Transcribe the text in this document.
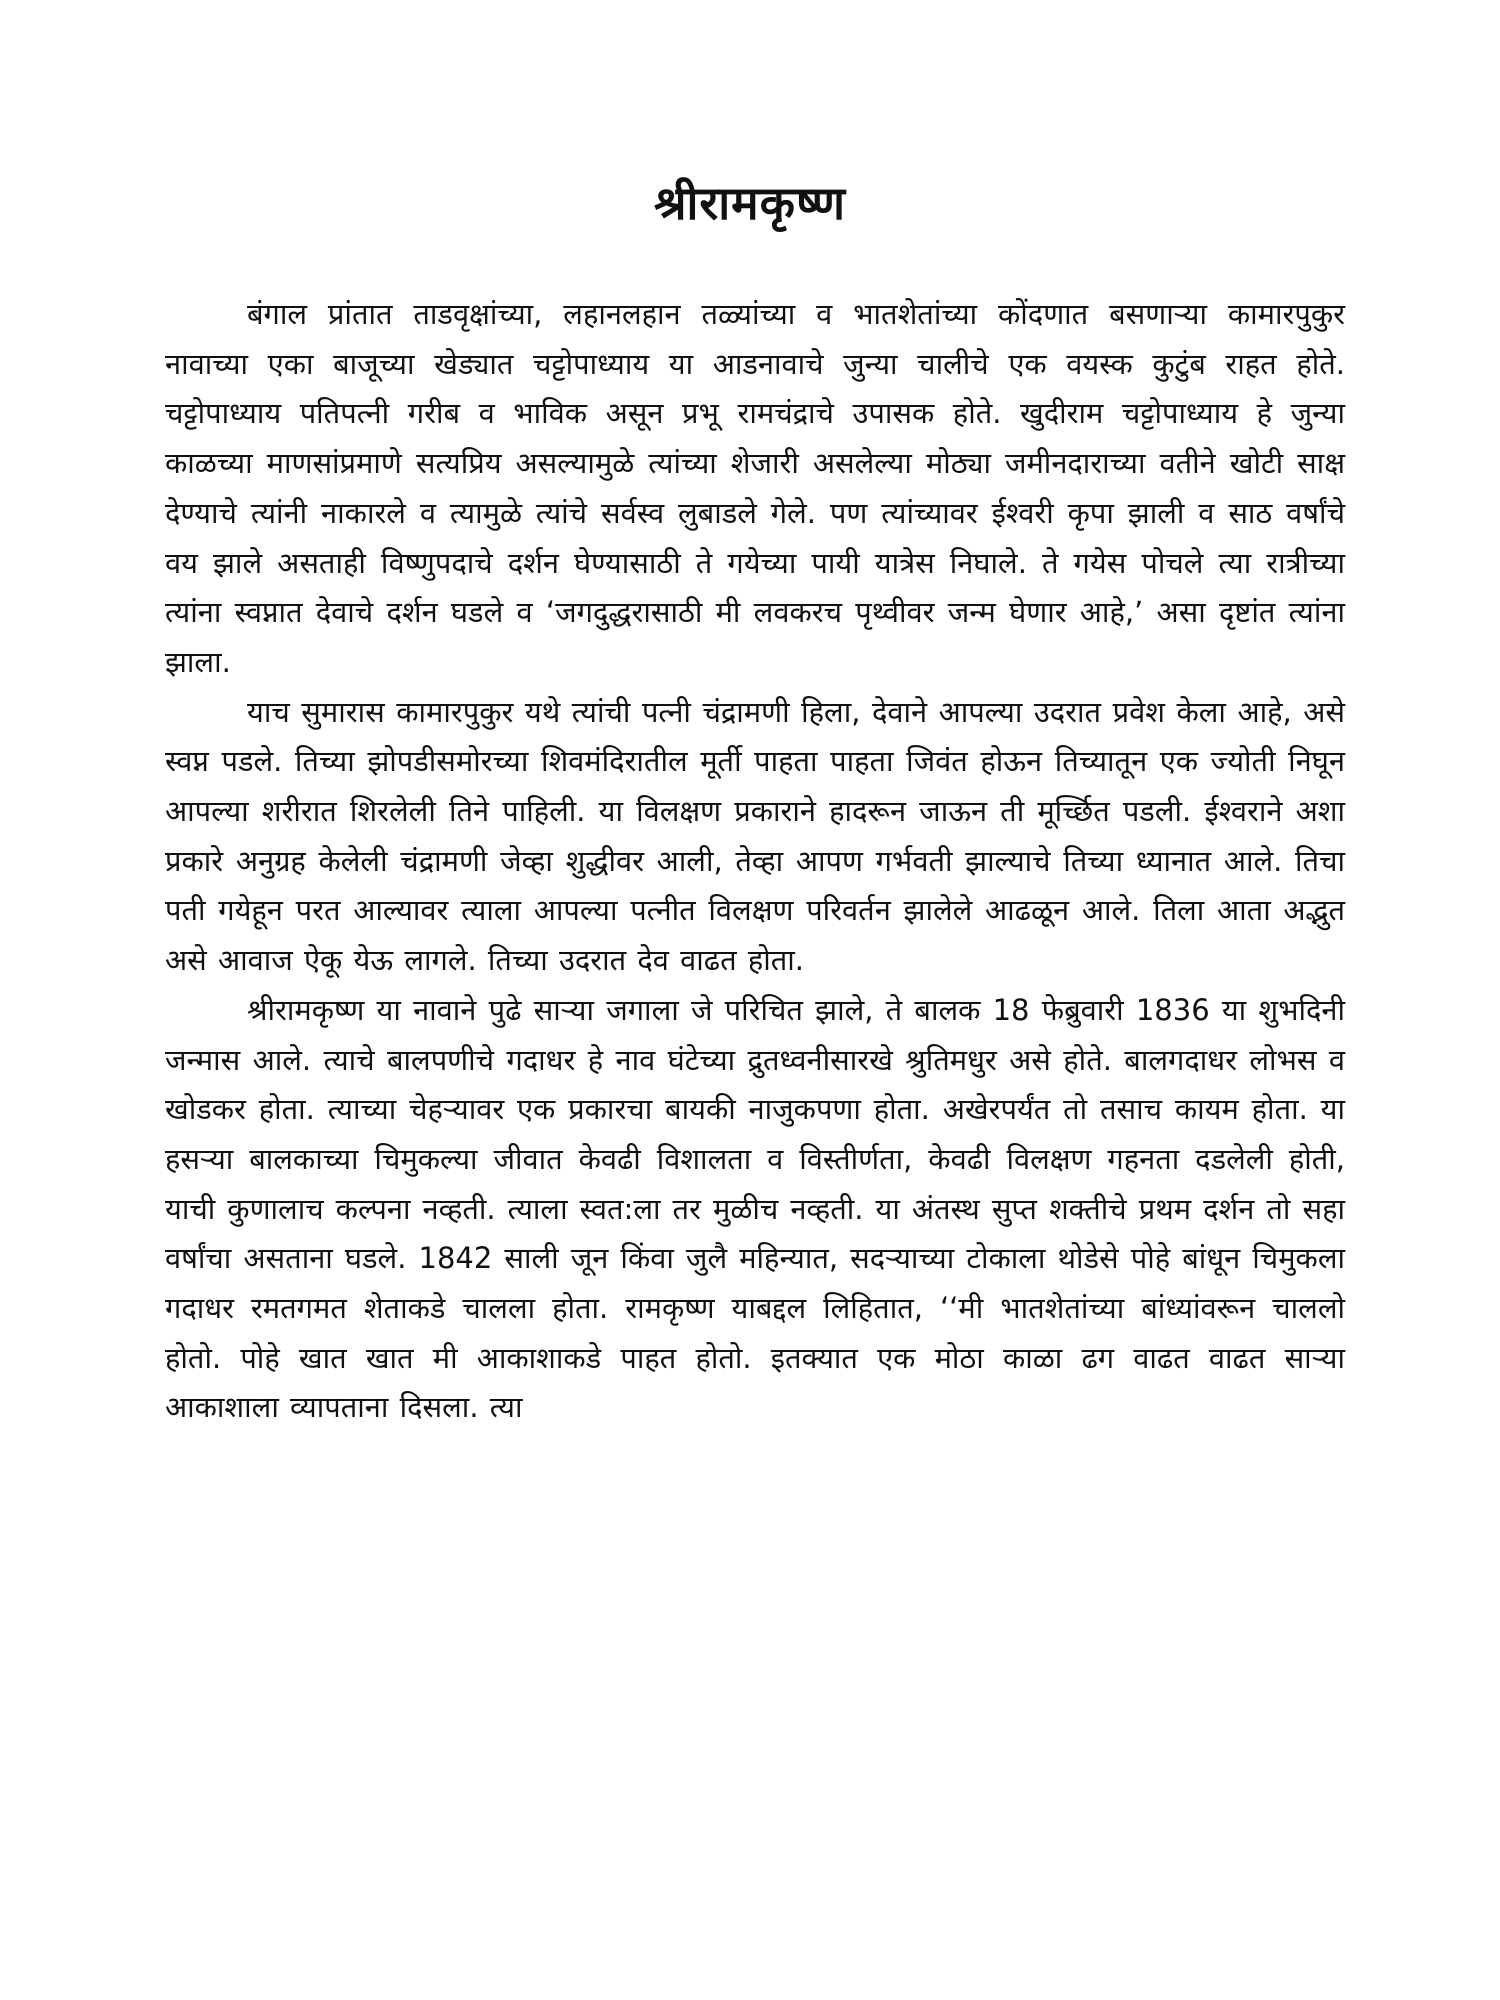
श्रीरामकृष्ण

बंगाल प्रांतात ताडवृक्षांच्या, लहानलहान तळ्यांच्या व भातशेतांच्या कोंदणात बसणाऱ्या कामारपुकुर नावाच्या एका बाजूच्या खेड्यात चट्टोपाध्याय या आडनावाचे जुन्या चालीचे एक वयस्क कुटुंब राहत होते. चट्टोपाध्याय पतिपत्नी गरीब व भाविक असून प्रभू रामचंद्राचे उपासक होते. खुदीराम चट्टोपाध्याय हे जुन्या काळच्या माणसांप्रमाणे सत्यप्रिय असल्यामुळे त्यांच्या शेजारी असलेल्या मोठ्या जमीनदाराच्या वतीने खोटी साक्ष देण्याचे त्यांनी नाकारले व त्यामुळे त्यांचे सर्वस्व लुबाडले गेले. पण त्यांच्यावर ईश्वरी कृपा झाली व साठ वर्षांचे वय झाले असताही विष्णुपदाचे दर्शन घेण्यासाठी ते गयेच्या पायी यात्रेस निघाले. ते गयेस पोचले त्या रात्रीच्या त्यांना स्वप्नात देवाचे दर्शन घडले व ‘जगदुद्धरासाठी मी लवकरच पृथ्वीवर जन्म घेणार आहे,’ असा दृष्टांत त्यांना झाला.

याच सुमारास कामारपुकुर यथे त्यांची पत्नी चंद्रामणी हिला, देवाने आपल्या उदरात प्रवेश केला आहे, असे स्वप्न पडले. तिच्या झोपडीसमोरच्या शिवमंदिरातील मूर्ती पाहता पाहता जिवंत होऊन तिच्यातून एक ज्योती निघून आपल्या शरीरात शिरलेली तिने पाहिली. या विलक्षण प्रकाराने हादरून जाऊन ती मूर्च्छित पडली. ईश्वराने अशा प्रकारे अनुग्रह केलेली चंद्रामणी जेव्हा शुद्धीवर आली, तेव्हा आपण गर्भवती झाल्याचे तिच्या ध्यानात आले. तिचा पती गयेहून परत आल्यावर त्याला आपल्या पत्नीत विलक्षण परिवर्तन झालेले आढळून आले. तिला आता अद्भुत असे आवाज ऐकू येऊ लागले. तिच्या उदरात देव वाढत होता.

श्रीरामकृष्ण या नावाने पुढे साऱ्या जगाला जे परिचित झाले, ते बालक 18 फेब्रुवारी 1836 या शुभदिनी जन्मास आले. त्याचे बालपणीचे गदाधर हे नाव घंटेच्या द्रुतध्वनीसारखे श्रुतिमधुर असे होते. बालगदाधर लोभस व खोडकर होता. त्याच्या चेहऱ्यावर एक प्रकारचा बायकी नाजुकपणा होता. अखेरपर्यंत तो तसाच कायम होता. या हसऱ्या बालकाच्या चिमुकल्या जीवात केवढी विशालता व विस्तीर्णता, केवढी विलक्षण गहनता दडलेली होती, याची कुणालाच कल्पना नव्हती. त्याला स्वत:ला तर मुळीच नव्हती. या अंतस्थ सुप्त शक्तीचे प्रथम दर्शन तो सहा वर्षांचा असताना घडले. 1842 साली जून किंवा जुलै महिन्यात, सदऱ्याच्या टोकाला थोडेसे पोहे बांधून चिमुकला गदाधर रमतगमत शेताकडे चालला होता. रामकृष्ण याबद्दल लिहितात, ‘‘मी भातशेतांच्या बांध्यांवरून चाललो होतो. पोहे खात खात मी आकाशाकडे पाहत होतो. इतक्यात एक मोठा काळा ढग वाढत वाढत साऱ्या आकाशाला व्यापताना दिसला. त्या
